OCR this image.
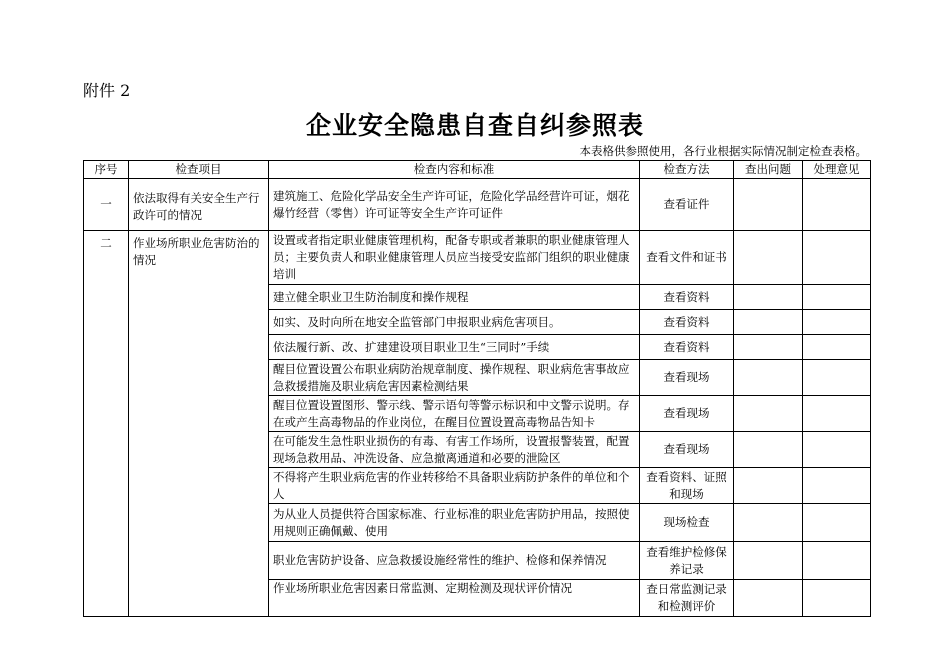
附件 2
企业安全隐患自查自纠参照表
本表格供参照使用，各行业根据实际情况制定检查表格。
序号	检查项目	检查内容和标准	检查方法	查出问题	处理意见
一	依法取得有关安全生产行政许可的情况	建筑施工、危险化学品安全生产许可证，危险化学品经营许可证，烟花爆竹经营（零售）许可证等安全生产许可证件	查看证件		
二	作业场所职业危害防治的情况	设置或者指定职业健康管理机构，配备专职或者兼职的职业健康管理人员；主要负责人和职业健康管理人员应当接受安监部门组织的职业健康培训	查看文件和证书		
		建立健全职业卫生防治制度和操作规程	查看资料		
		如实、及时向所在地安全监管部门申报职业病危害项目。	查看资料		
		依法履行新、改、扩建建设项目职业卫生“三同时”手续	查看资料		
		醒目位置设置公布职业病防治规章制度、操作规程、职业病危害事故应急救援措施及职业病危害因素检测结果	查看现场		
		醒目位置设置图形、警示线、警示语句等警示标识和中文警示说明。存在或产生高毒物品的作业岗位，在醒目位置设置高毒物品告知卡	查看现场		
		在可能发生急性职业损伤的有毒、有害工作场所，设置报警装置，配置现场急救用品、冲洗设备、应急撤离通道和必要的泄险区	查看现场		
		不得将产生职业病危害的作业转移给不具备职业病防护条件的单位和个人	查看资料、证照和现场		
		为从业人员提供符合国家标准、行业标准的职业危害防护用品，按照使用规则正确佩戴、使用	现场检查		
		职业危害防护设备、应急救援设施经常性的维护、检修和保养情况	查看维护检修保养记录		
		作业场所职业危害因素日常监测、定期检测及现状评价情况	查日常监测记录和检测评价		
